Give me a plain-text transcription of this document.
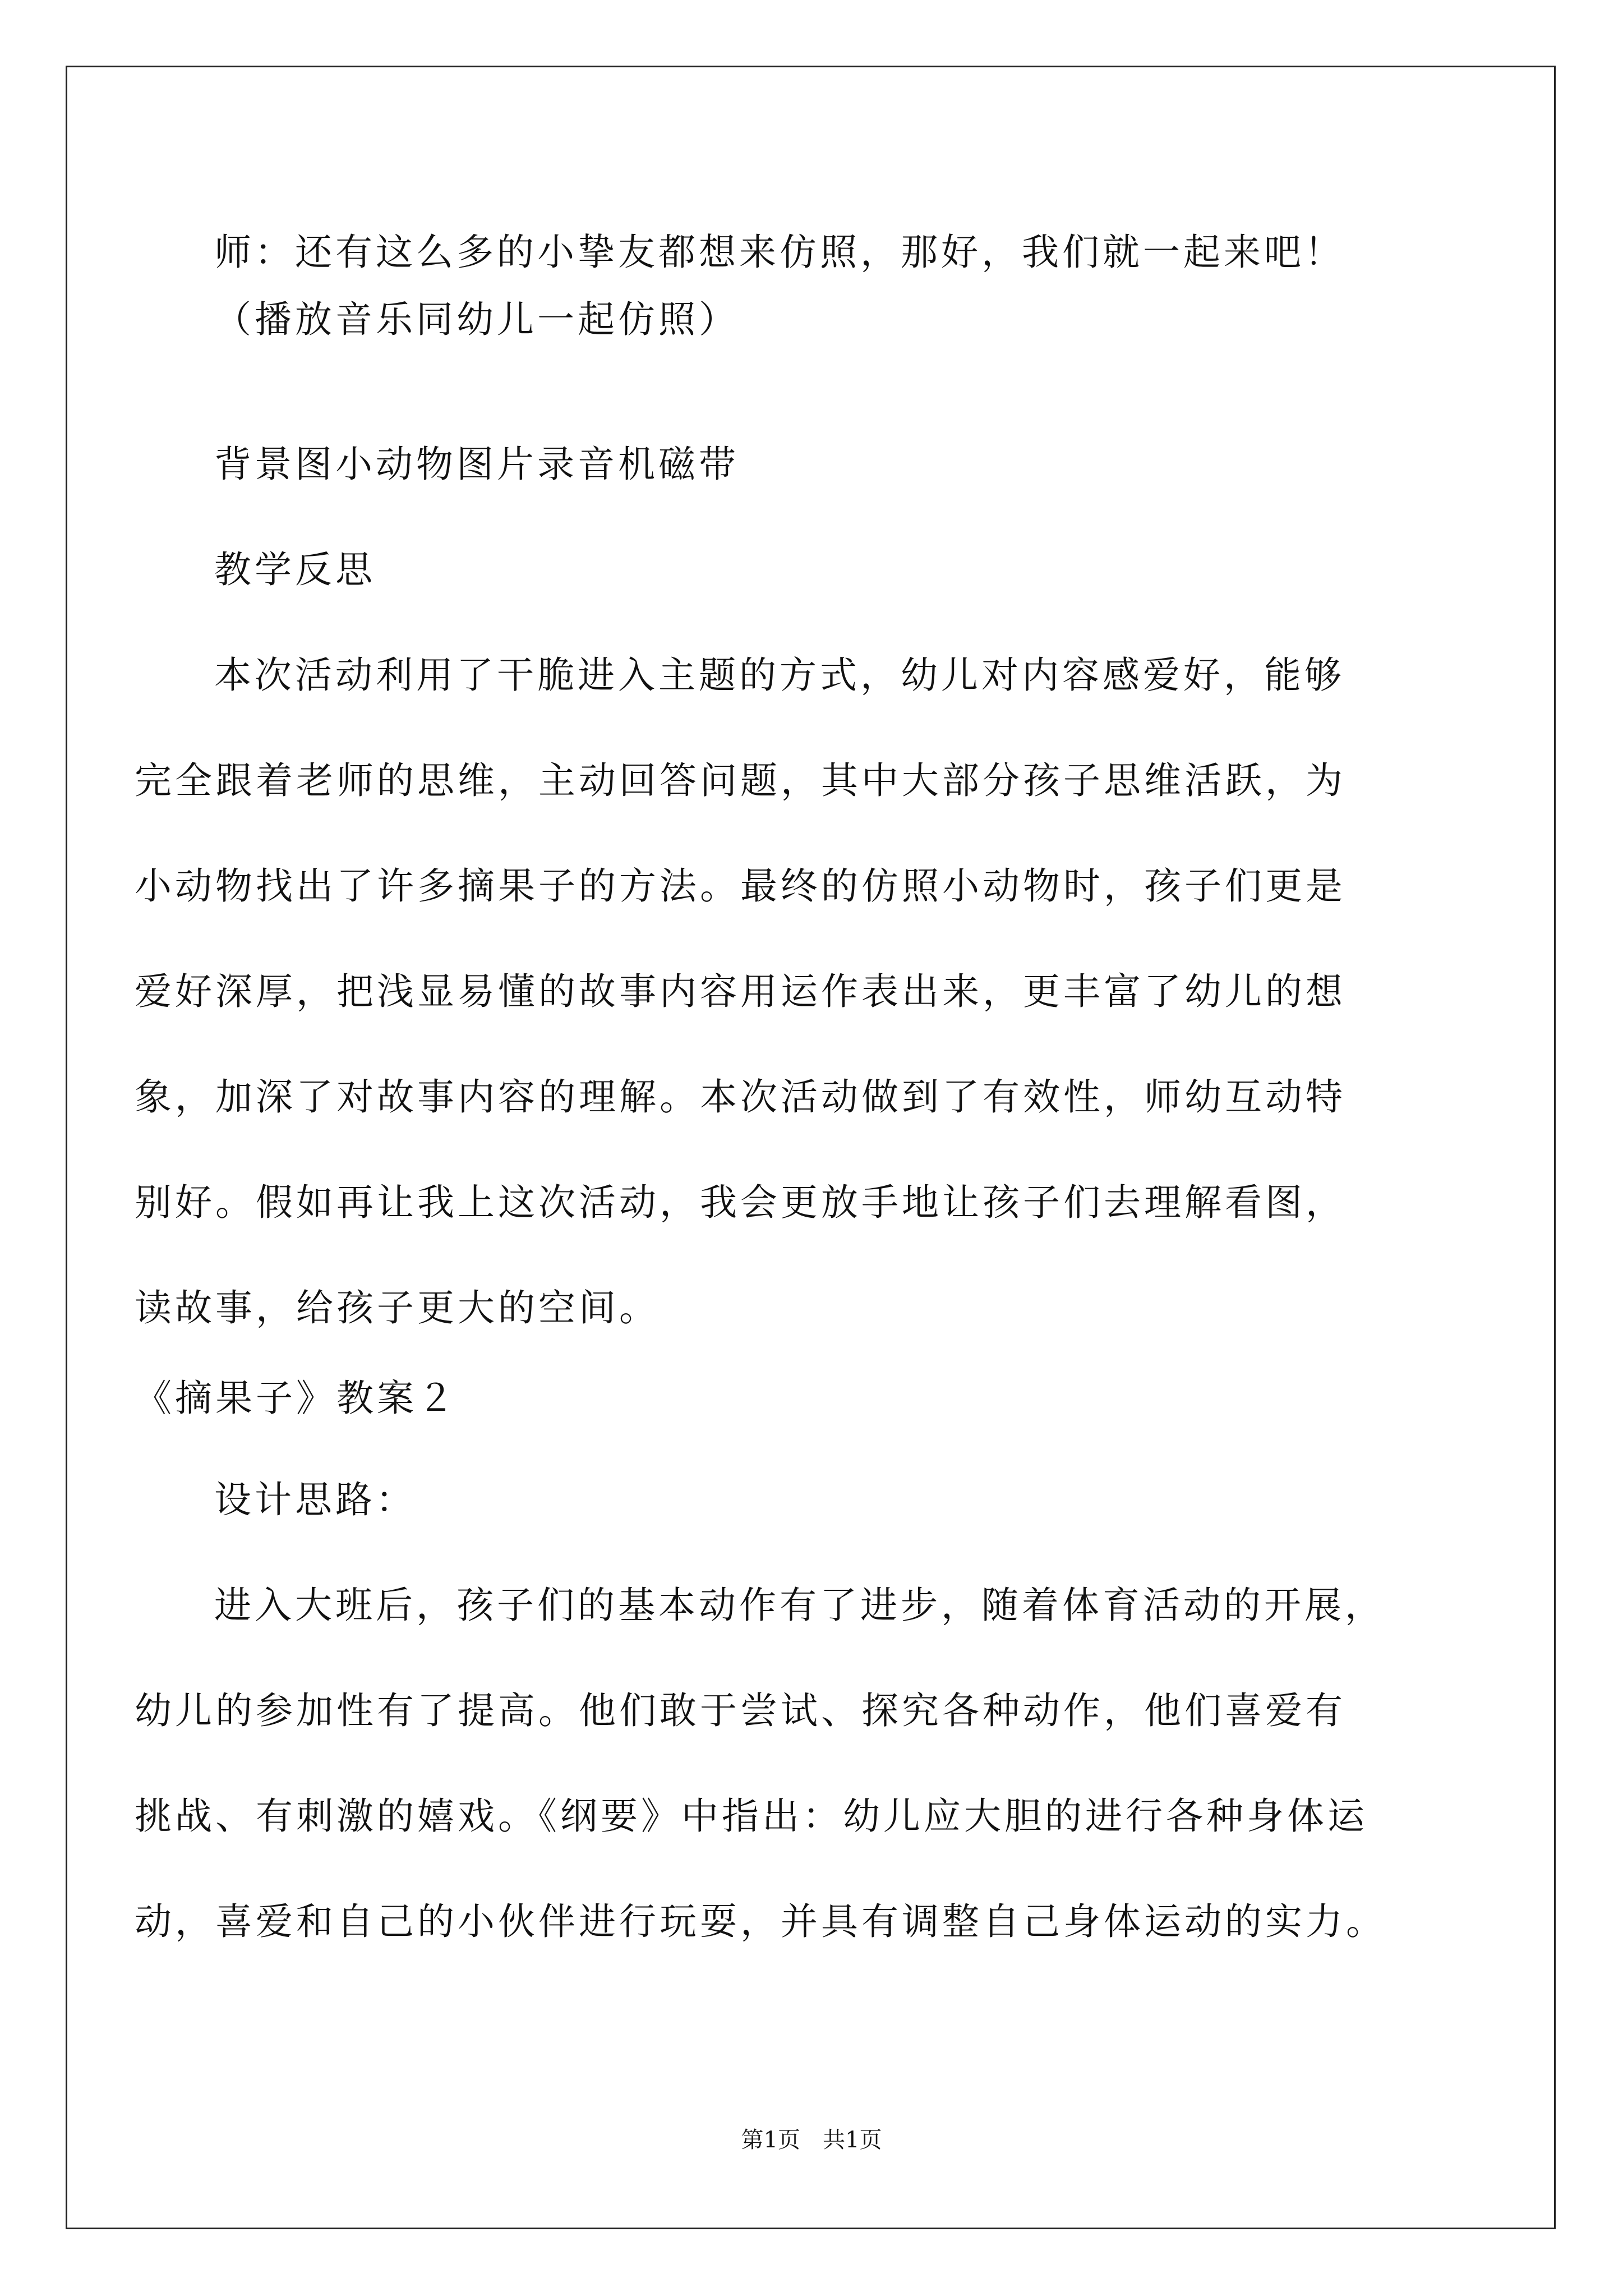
师：还有这么多的小挚友都想来仿照，那好，我们就一起来吧！
（播放音乐同幼儿一起仿照）
背景图小动物图片录音机磁带
教学反思
本次活动利用了干脆进入主题的方式，幼儿对内容感爱好，能够
完全跟着老师的思维，主动回答问题，其中大部分孩子思维活跃，为
小动物找出了许多摘果子的方法。最终的仿照小动物时，孩子们更是
爱好深厚，把浅显易懂的故事内容用运作表出来，更丰富了幼儿的想
象，加深了对故事内容的理解。本次活动做到了有效性，师幼互动特
别好。假如再让我上这次活动，我会更放手地让孩子们去理解看图，
读故事，给孩子更大的空间。
《摘果子》教案２
设计思路：
进入大班后，孩子们的基本动作有了进步，随着体育活动的开展，
幼儿的参加性有了提高。他们敢于尝试、探究各种动作，他们喜爱有
挑战、有刺激的嬉戏。《纲要》中指出：幼儿应大胆的进行各种身体运
动，喜爱和自己的小伙伴进行玩耍，并具有调整自己身体运动的实力。
第1页　共1页
